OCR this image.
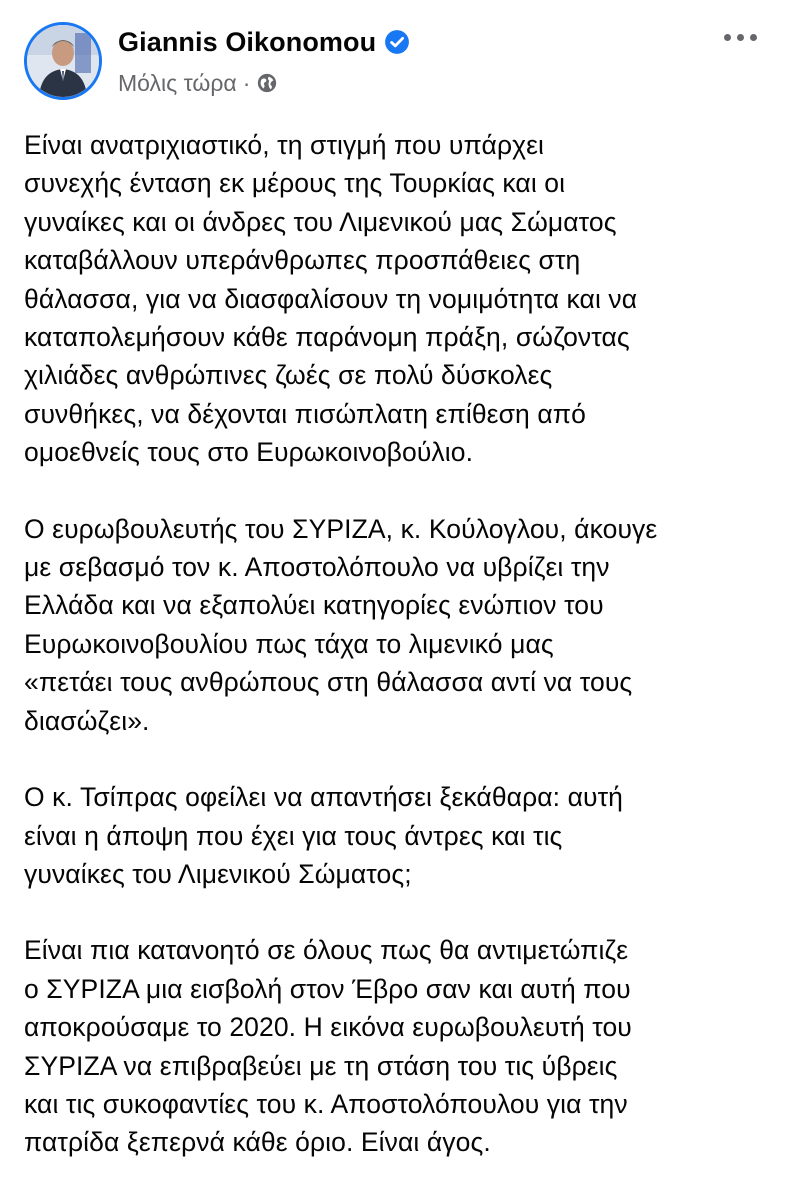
Giannis Oikonomou
Μόλις τώρα ·

Είναι ανατριχιαστικό, τη στιγμή που υπάρχει
συνεχής ένταση εκ μέρους της Τουρκίας και οι
γυναίκες και οι άνδρες του Λιμενικού μας Σώματος
καταβάλλουν υπεράνθρωπες προσπάθειες στη
θάλασσα, για να διασφαλίσουν τη νομιμότητα και να
καταπολεμήσουν κάθε παράνομη πράξη, σώζοντας
χιλιάδες ανθρώπινες ζωές σε πολύ δύσκολες
συνθήκες, να δέχονται πισώπλατη επίθεση από
ομοεθνείς τους στο Ευρωκοινοβούλιο.

Ο ευρωβουλευτής του ΣΥΡΙΖΑ, κ. Κούλογλου, άκουγε
με σεβασμό τον κ. Αποστολόπουλο να υβρίζει την
Ελλάδα και να εξαπολύει κατηγορίες ενώπιον του
Ευρωκοινοβουλίου πως τάχα το λιμενικό μας
«πετάει τους ανθρώπους στη θάλασσα αντί να τους
διασώζει».

Ο κ. Τσίπρας οφείλει να απαντήσει ξεκάθαρα: αυτή
είναι η άποψη που έχει για τους άντρες και τις
γυναίκες του Λιμενικού Σώματος;

Είναι πια κατανοητό σε όλους πως θα αντιμετώπιζε
ο ΣΥΡΙΖΑ μια εισβολή στον Έβρο σαν και αυτή που
αποκρούσαμε το 2020. Η εικόνα ευρωβουλευτή του
ΣΥΡΙΖΑ να επιβραβεύει με τη στάση του τις ύβρεις
και τις συκοφαντίες του κ. Αποστολόπουλου για την
πατρίδα ξεπερνά κάθε όριο. Είναι άγος.
